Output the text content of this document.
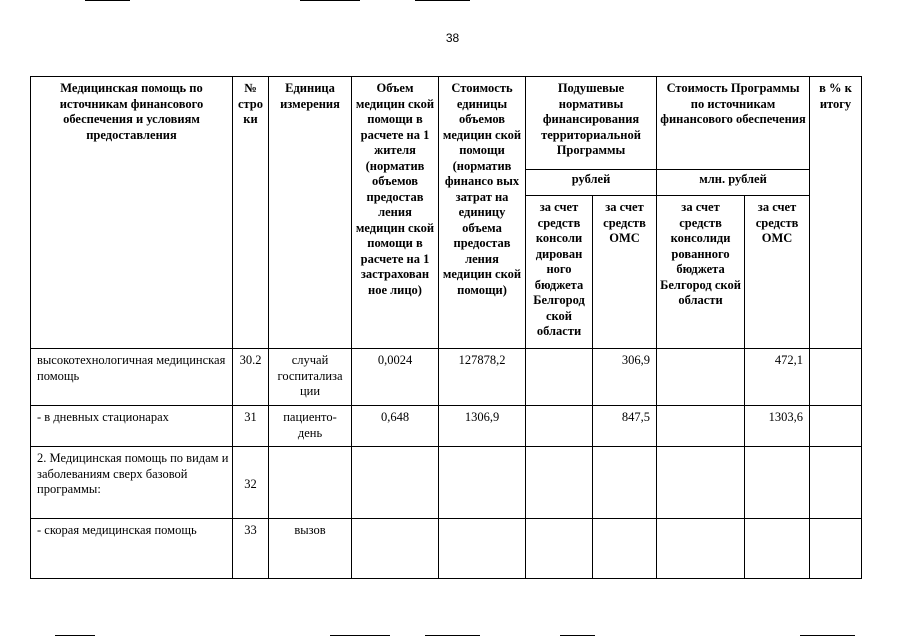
38
Медицинская помощь по источникам финансового обеспечения и условиям предоставления	№ стро ки	Единица измерения	Объем медицин ской помощи в расчете на 1 жителя (норматив объемов предостав ления медицин ской помощи в расчете на 1 застрахован ное лицо)	Стоимость единицы объемов медицин ской помощи (норматив финансо вых затрат на единицу объема предостав ления медицин ской помощи)	Подушевые нормативы финансирования территориальной Программы		Стоимость Программы по источникам финансового обеспечения		в % к итогу
					рублей		млн. рублей		
					за счет средств консоли дирован ного бюджета Белгород ской области	за счет средств ОМС	за счет средств консолиди рованного бюджета Белгород ской области	за счет средств ОМС	
высокотехнологичная медицинская помощь	30.2	случай госпитализа ции	0,0024	127878,2		306,9		472,1	
- в дневных стационарах	31	пациенто-день	0,648	1306,9		847,5		1303,6	
2. Медицинская помощь по видам и заболеваниям сверх базовой программы:	32								
- скорая медицинская помощь	33	вызов							
